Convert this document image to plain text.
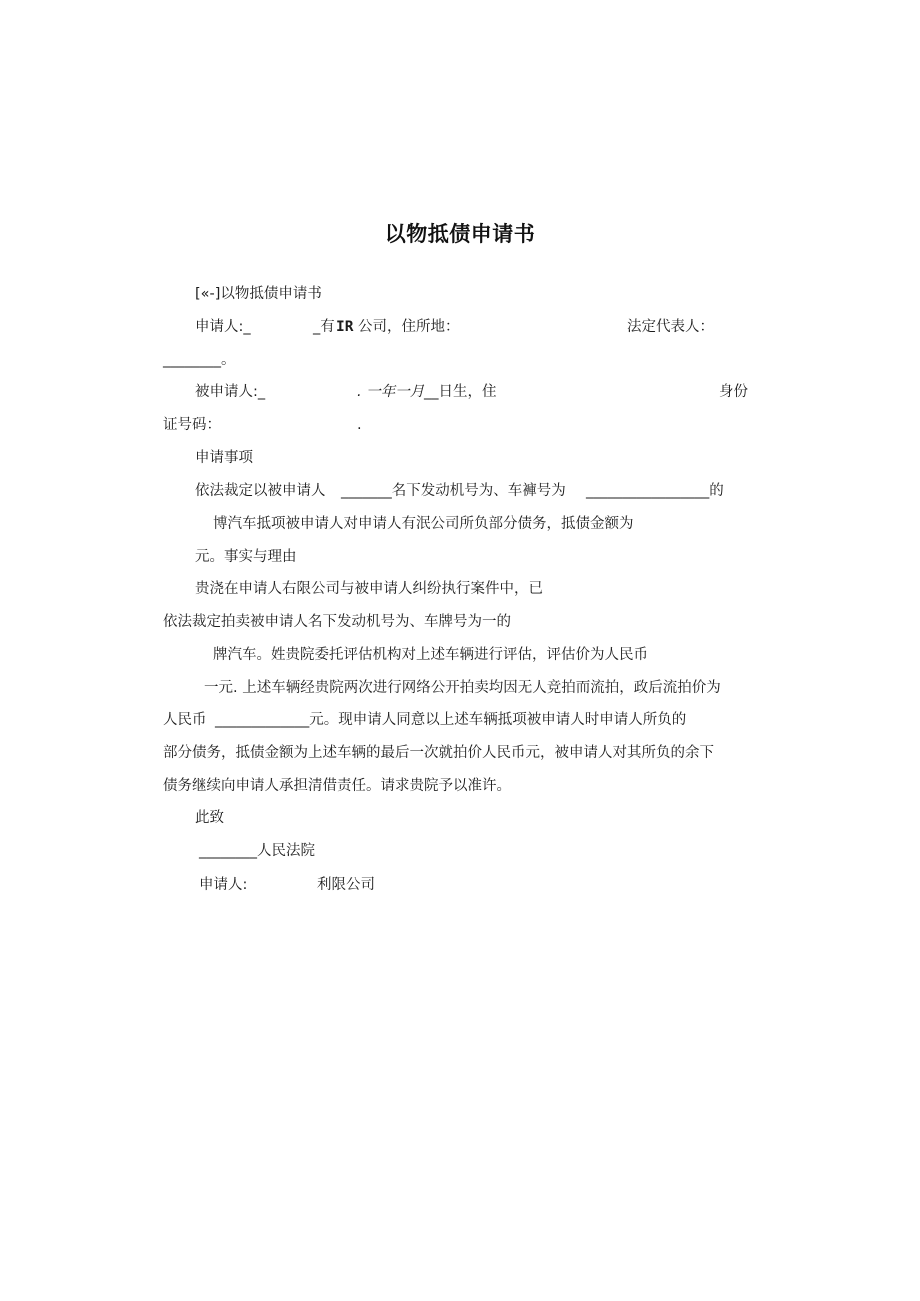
以物抵债申请书
[«-]以物抵债申请书
申请人:_	_有 IR 公司，住所地：	法定代表人：
________。
被申请人:_	. 一年一月 __日生，住	身份
证号码：	.
申请事项
依法裁定以被申请人 _______名下发动机号为、车褲号为 _________________的
博汽车抵项被申请人对申请人有泯公司所负部分债务，抵债金额为
元。事实与理由
贵浇在申请人右限公司与被申请人纠纷执行案件中，已
依法裁定拍卖被申请人名下发动机号为、车牌号为一的
牌汽车。姓贵院委托评估机构对上述车辆进行评估，评估价为人民币
一元. 上述车辆经贵院两次进行网络公开拍卖均因无人竞拍而流拍，政后流拍价为
人民币 _____________元。现申请人同意以上述车辆抵项被申请人时申请人所负的
部分债务，抵债金额为上述车辆的最后一次就拍价人民币元，被申请人对其所负的余下
债务继续向申请人承担清借责任。请求贵院予以准许。
此致
________人民法院
申请人:	利限公司
